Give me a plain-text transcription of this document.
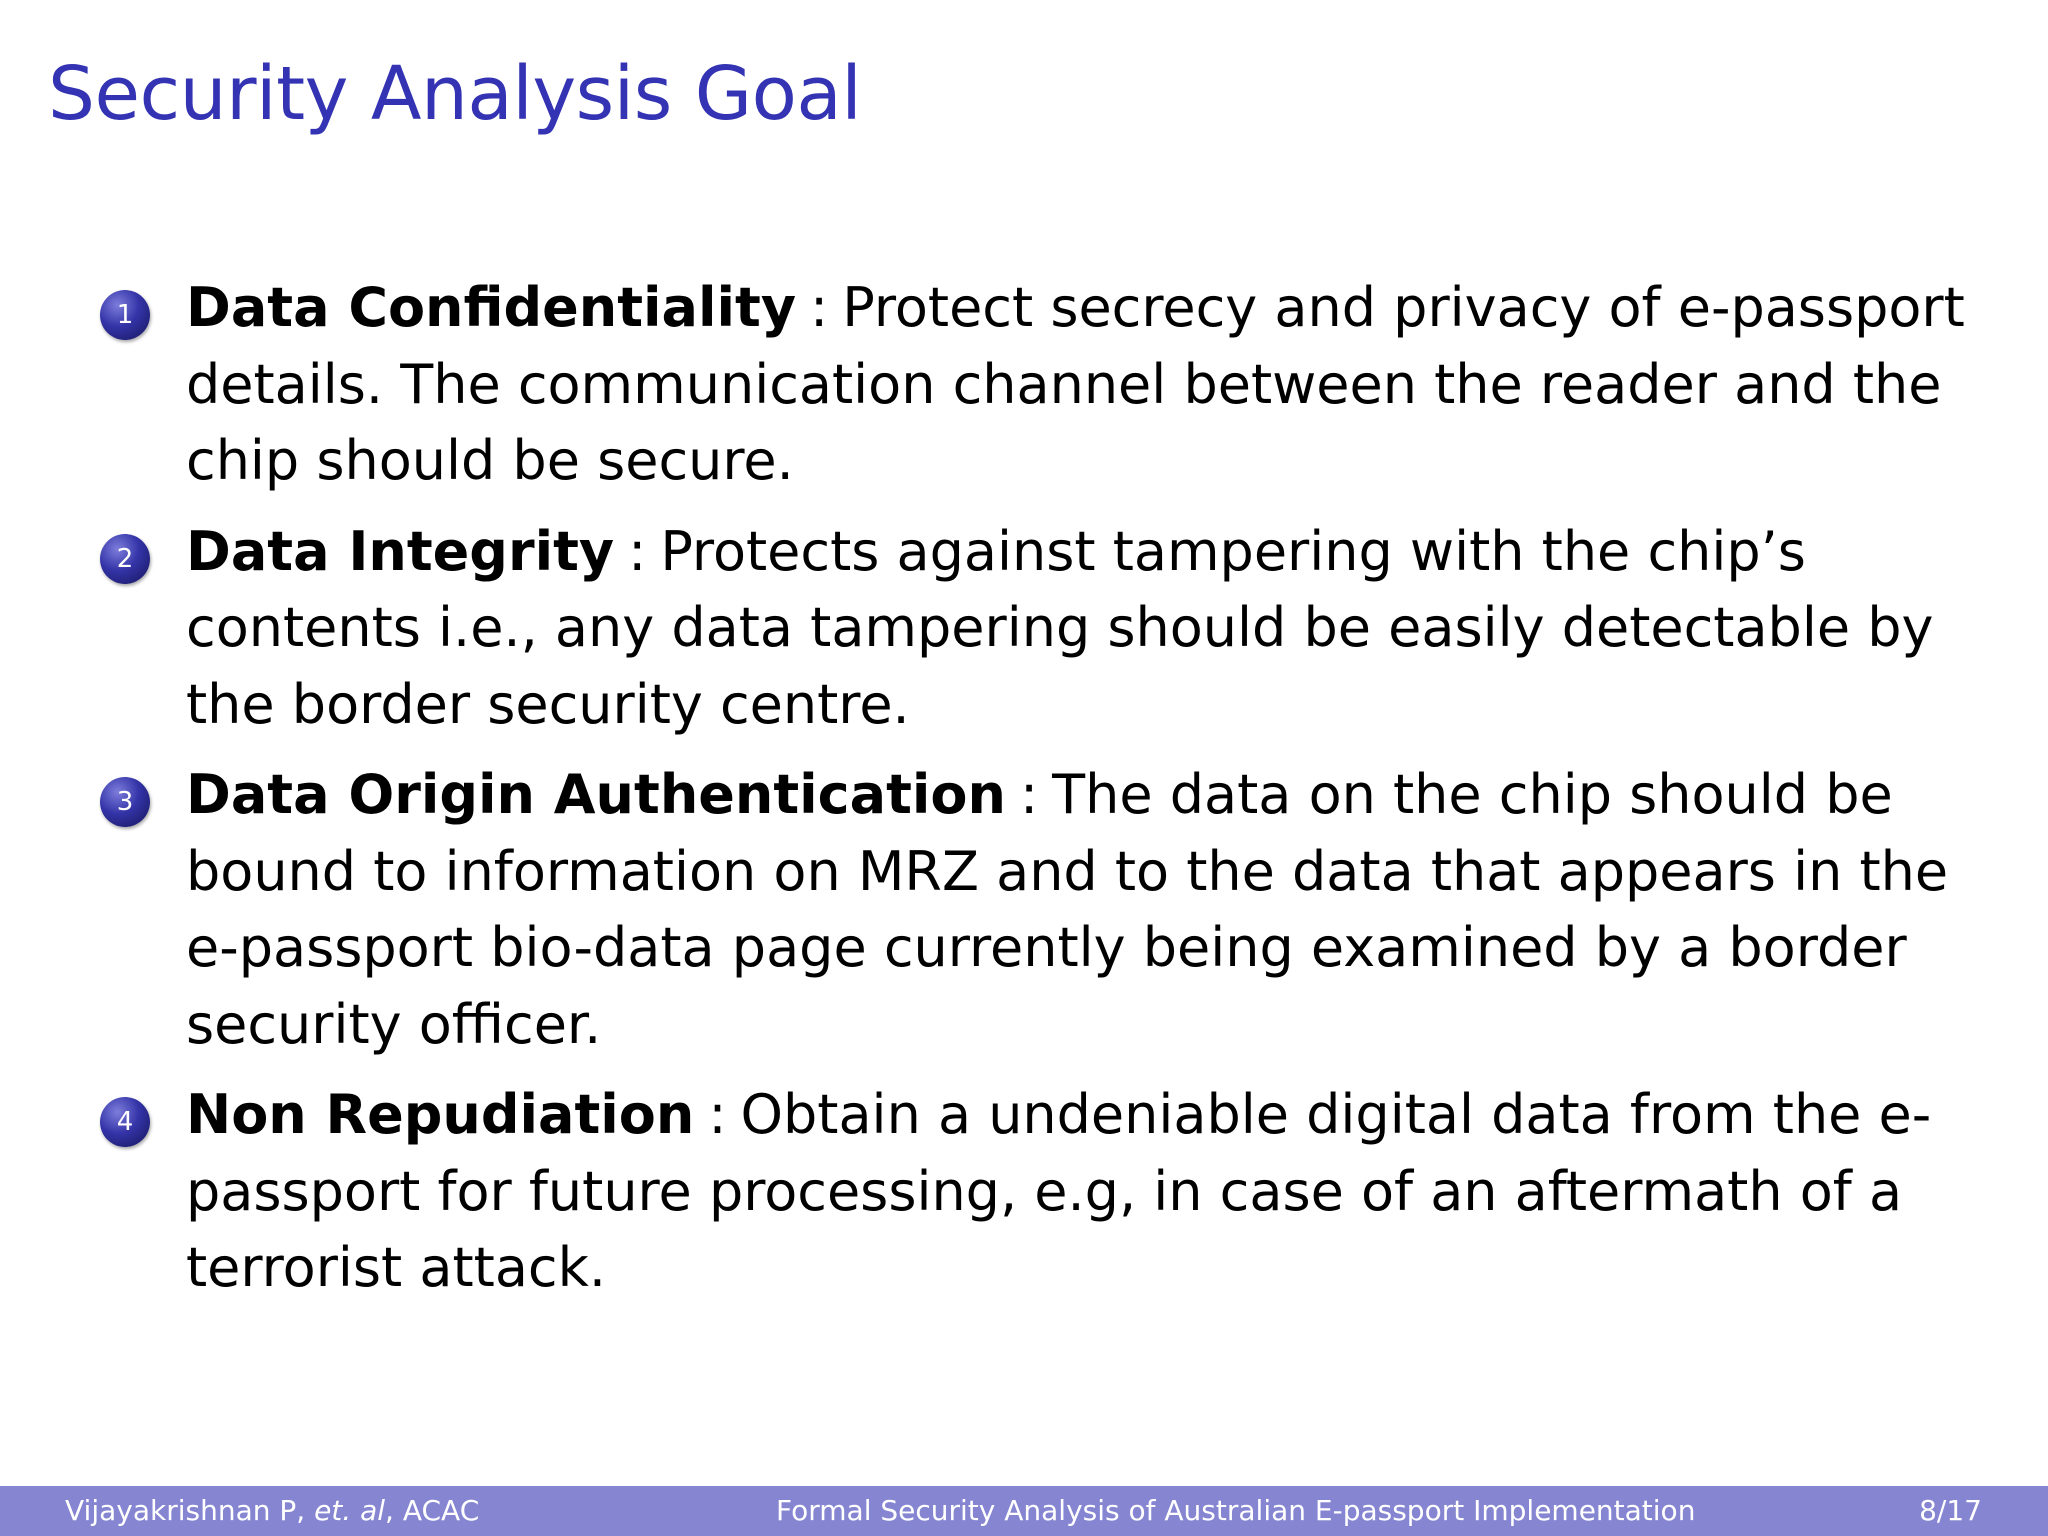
Security Analysis Goal
1 Data Confidentiality : Protect secrecy and privacy of e-passport details. The communication channel between the reader and the chip should be secure.
2 Data Integrity : Protects against tampering with the chip’s contents i.e., any data tampering should be easily detectable by the border security centre.
3 Data Origin Authentication : The data on the chip should be bound to information on MRZ and to the data that appears in the e-passport bio-data page currently being examined by a border security officer.
4 Non Repudiation : Obtain a undeniable digital data from the e-passport for future processing, e.g, in case of an aftermath of a terrorist attack.
Vijayakrishnan P, et. al, ACAC	Formal Security Analysis of Australian E-passport Implementation	8/17
